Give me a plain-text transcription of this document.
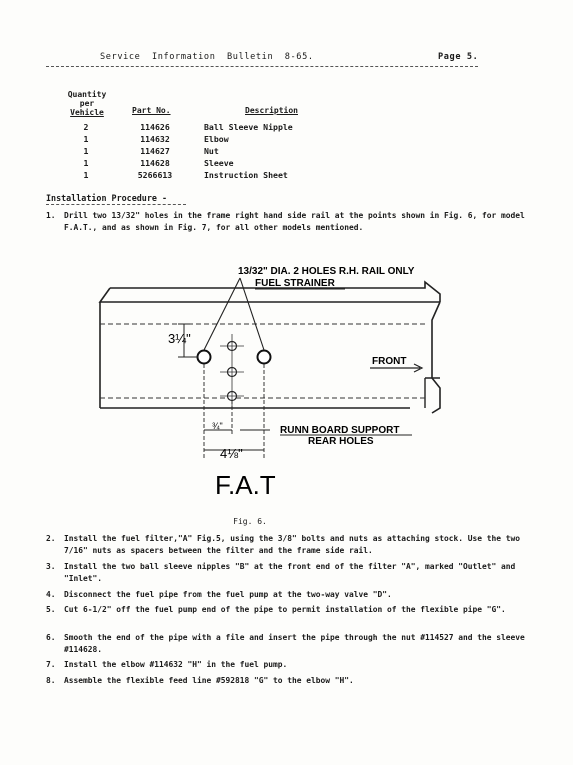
Service  Information  Bulletin  8-65.	Page 5.
Quantity
per
Vehicle	Part No.	Description
2	114626	Ball Sleeve Nipple
1	114632	Elbow
1	114627	Nut
1	114628	Sleeve
1	5266613	Instruction Sheet
Installation Procedure -
1. Drill two 13/32" holes in the frame right hand side rail at the points shown in Fig. 6, for model F.A.T., and as shown in Fig. 7, for all other models mentioned.
13/32" DIA. 2 HOLES R.H. RAIL ONLY
FUEL STRAINER
3¼"
FRONT
¾"
4⅛"
RUNN BOARD SUPPORT
REAR HOLES
F.A.T
Fig. 6.
2. Install the fuel filter,"A" Fig.5, using the 3/8" bolts and nuts as attaching stock. Use the two 7/16" nuts as spacers between the filter and the frame side rail.
3. Install the two ball sleeve nipples "B" at the front end of the filter "A", marked "Outlet" and "Inlet".
4. Disconnect the fuel pipe from the fuel pump at the two-way valve "D".
5. Cut 6-1/2" off the fuel pump end of the pipe to permit installation of the flexible pipe "G".
6. Smooth the end of the pipe with a file and insert the pipe through the nut #114527 and the sleeve #114628.
7. Install the elbow #114632 "H" in the fuel pump.
8. Assemble the flexible feed line #592818 "G" to the elbow "H".
